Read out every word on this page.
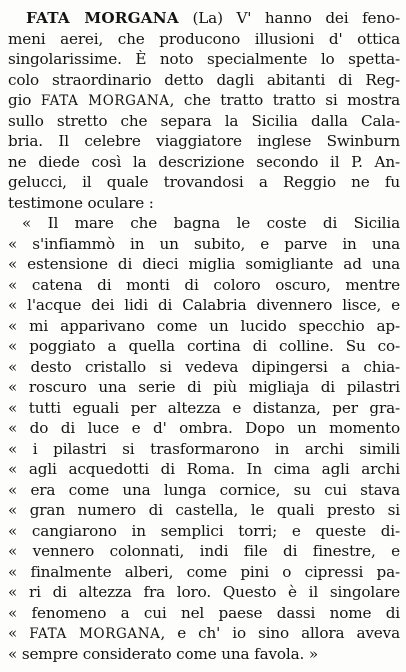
FATA MORGANA (La) V' hanno dei feno-
meni aerei, che producono illusioni d' ottica
singolarissime. È noto specialmente lo spetta-
colo straordinario detto dagli abitanti di Reg-
gio FATA MORGANA, che tratto tratto si mostra
sullo stretto che separa la Sicilia dalla Cala-
bria. Il celebre viaggiatore inglese Swinburn
ne diede così la descrizione secondo il P. An-
gelucci, il quale trovandosi a Reggio ne fu
testimone oculare :
« Il mare che bagna le coste di Sicilia
« s'infiammò in un subito, e parve in una
« estensione di dieci miglia somigliante ad una
« catena di monti di coloro oscuro, mentre
« l'acque dei lidi di Calabria divennero lisce, e
« mi apparivano come un lucido specchio ap-
« poggiato a quella cortina di colline. Su co-
« desto cristallo si vedeva dipingersi a chia-
« roscuro una serie di più migliaja di pilastri
« tutti eguali per altezza e distanza, per gra-
« do di luce e d' ombra. Dopo un momento
« i pilastri si trasformarono in archi simili
« agli acquedotti di Roma. In cima agli archi
« era come una lunga cornice, su cui stava
« gran numero di castella, le quali presto si
« cangiarono in semplici torri; e queste di-
« vennero colonnati, indi file di finestre, e
« finalmente alberi, come pini o cipressi pa-
« ri di altezza fra loro. Questo è il singolare
« fenomeno a cui nel paese dassi nome di
« FATA MORGANA, e ch' io sino allora aveva
« sempre considerato come una favola. »
